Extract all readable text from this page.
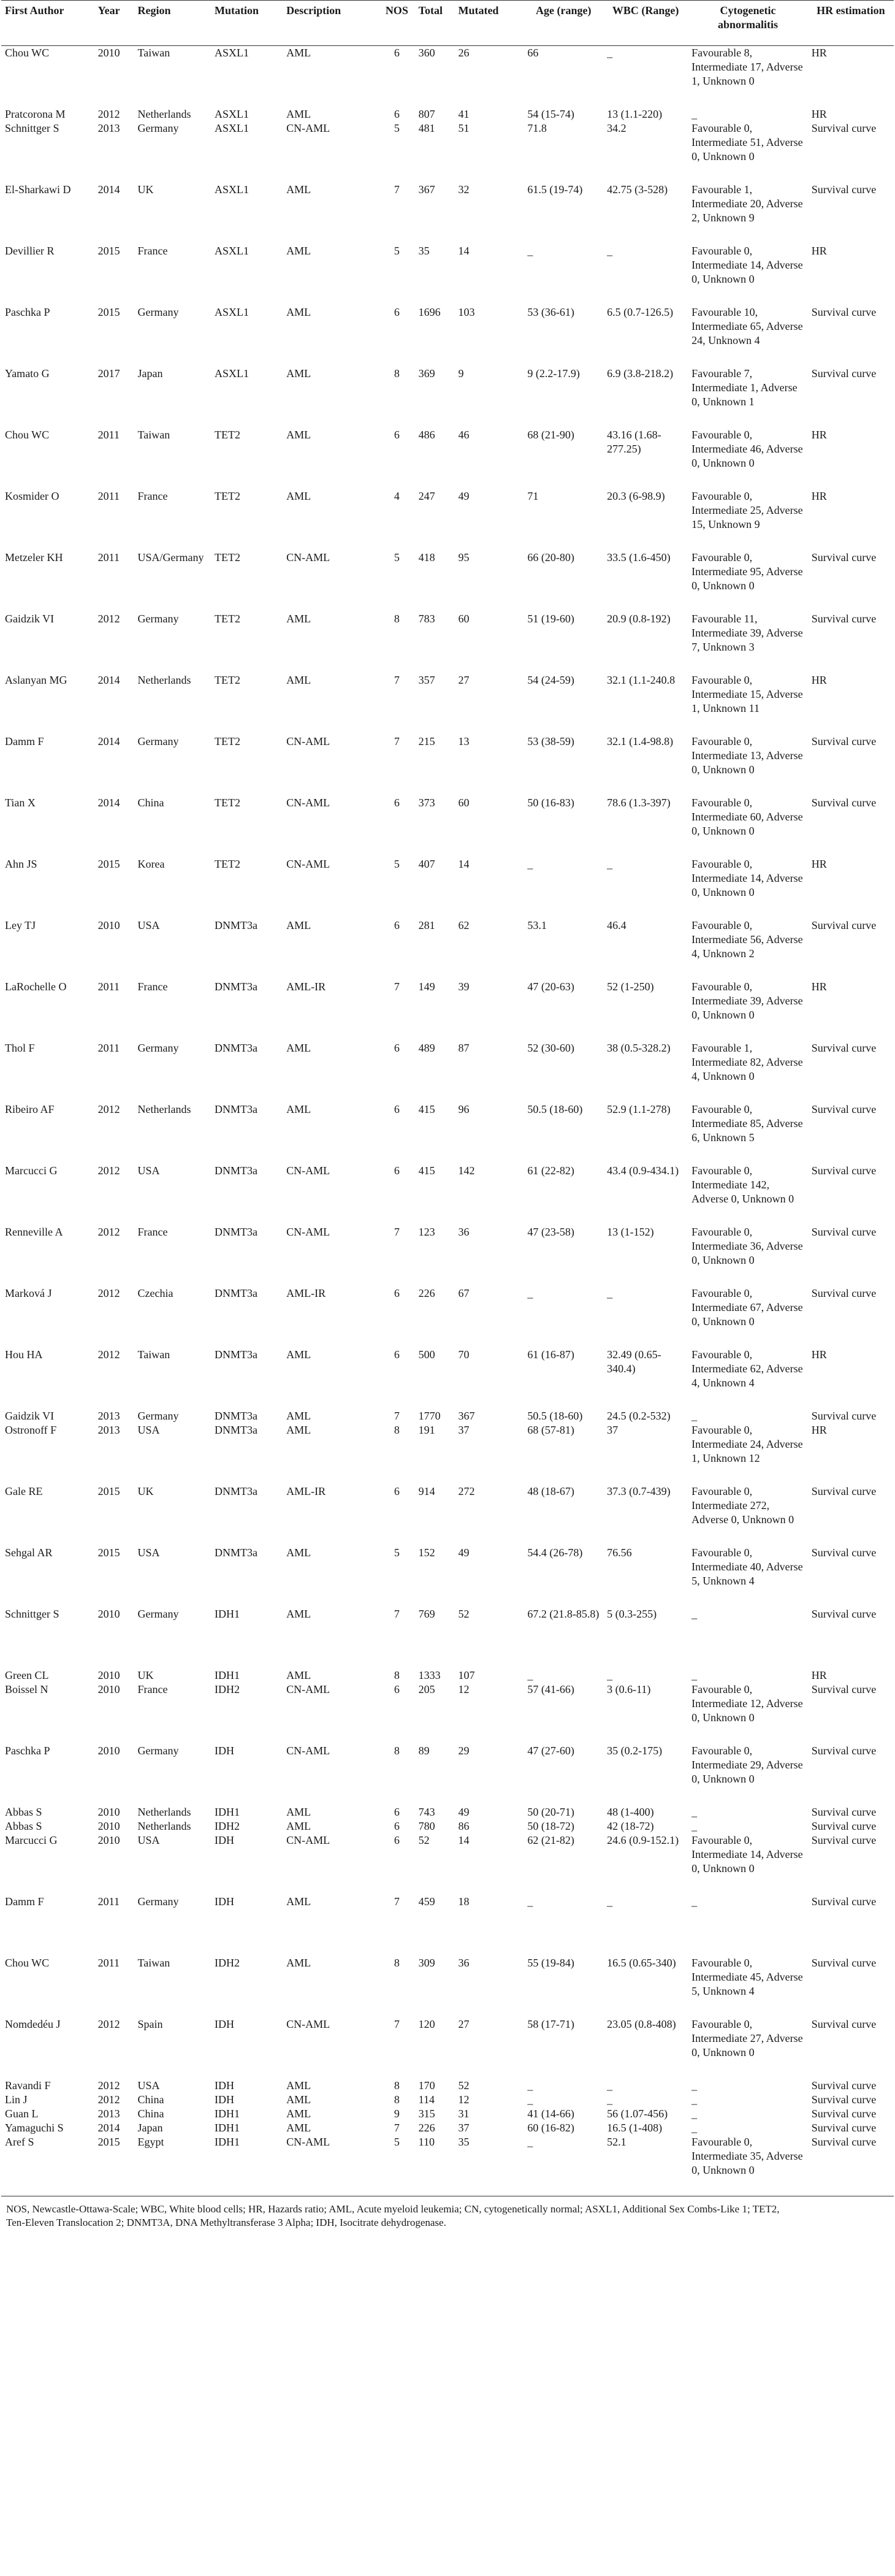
First Author	Year	Region	Mutation	Description	NOS	Total	Mutated	Age (range)	WBC (Range)	Cytogenetic abnormalitis	HR estimation
Chou WC	2010	Taiwan	ASXL1	AML	6	360	26	66	_	Favourable 8, Intermediate 17, Adverse 1, Unknown 0	HR
Pratcorona M	2012	Netherlands	ASXL1	AML	6	807	41	54 (15-74)	13 (1.1-220)	_	HR
Schnittger S	2013	Germany	ASXL1	CN-AML	5	481	51	71.8	34.2	Favourable 0, Intermediate 51, Adverse 0, Unknown 0	Survival curve
El-Sharkawi D	2014	UK	ASXL1	AML	7	367	32	61.5 (19-74)	42.75 (3-528)	Favourable 1, Intermediate 20, Adverse 2, Unknown 9	Survival curve
Devillier R	2015	France	ASXL1	AML	5	35	14	_	_	Favourable 0, Intermediate 14, Adverse 0, Unknown 0	HR
Paschka P	2015	Germany	ASXL1	AML	6	1696	103	53 (36-61)	6.5 (0.7-126.5)	Favourable 10, Intermediate 65, Adverse 24, Unknown 4	Survival curve
Yamato G	2017	Japan	ASXL1	AML	8	369	9	9 (2.2-17.9)	6.9 (3.8-218.2)	Favourable 7, Intermediate 1, Adverse 0, Unknown 1	Survival curve
Chou WC	2011	Taiwan	TET2	AML	6	486	46	68 (21-90)	43.16 (1.68-277.25)	Favourable 0, Intermediate 46, Adverse 0, Unknown 0	HR
Kosmider O	2011	France	TET2	AML	4	247	49	71	20.3 (6-98.9)	Favourable 0, Intermediate 25, Adverse 15, Unknown 9	HR
Metzeler KH	2011	USA/Germany	TET2	CN-AML	5	418	95	66 (20-80)	33.5 (1.6-450)	Favourable 0, Intermediate 95, Adverse 0, Unknown 0	Survival curve
Gaidzik VI	2012	Germany	TET2	AML	8	783	60	51 (19-60)	20.9 (0.8-192)	Favourable 11, Intermediate 39, Adverse 7, Unknown 3	Survival curve
Aslanyan MG	2014	Netherlands	TET2	AML	7	357	27	54 (24-59)	32.1 (1.1-240.8	Favourable 0, Intermediate 15, Adverse 1, Unknown 11	HR
Damm F	2014	Germany	TET2	CN-AML	7	215	13	53 (38-59)	32.1 (1.4-98.8)	Favourable 0, Intermediate 13, Adverse 0, Unknown 0	Survival curve
Tian X	2014	China	TET2	CN-AML	6	373	60	50 (16-83)	78.6 (1.3-397)	Favourable 0, Intermediate 60, Adverse 0, Unknown 0	Survival curve
Ahn JS	2015	Korea	TET2	CN-AML	5	407	14	_	_	Favourable 0, Intermediate 14, Adverse 0, Unknown 0	HR
Ley TJ	2010	USA	DNMT3a	AML	6	281	62	53.1	46.4	Favourable 0, Intermediate 56, Adverse 4, Unknown 2	Survival curve
LaRochelle O	2011	France	DNMT3a	AML-IR	7	149	39	47 (20-63)	52 (1-250)	Favourable 0, Intermediate 39, Adverse 0, Unknown 0	HR
Thol F	2011	Germany	DNMT3a	AML	6	489	87	52 (30-60)	38 (0.5-328.2)	Favourable 1, Intermediate 82, Adverse 4, Unknown 0	Survival curve
Ribeiro AF	2012	Netherlands	DNMT3a	AML	6	415	96	50.5 (18-60)	52.9 (1.1-278)	Favourable 0, Intermediate 85, Adverse 6, Unknown 5	Survival curve
Marcucci G	2012	USA	DNMT3a	CN-AML	6	415	142	61 (22-82)	43.4 (0.9-434.1)	Favourable 0, Intermediate 142, Adverse 0, Unknown 0	Survival curve
Renneville A	2012	France	DNMT3a	CN-AML	7	123	36	47 (23-58)	13 (1-152)	Favourable 0, Intermediate 36, Adverse 0, Unknown 0	Survival curve
Marková J	2012	Czechia	DNMT3a	AML-IR	6	226	67	_	_	Favourable 0, Intermediate 67, Adverse 0, Unknown 0	Survival curve
Hou HA	2012	Taiwan	DNMT3a	AML	6	500	70	61 (16-87)	32.49 (0.65-340.4)	Favourable 0, Intermediate 62, Adverse 4, Unknown 4	HR
Gaidzik VI	2013	Germany	DNMT3a	AML	7	1770	367	50.5 (18-60)	24.5 (0.2-532)	_	Survival curve
Ostronoff F	2013	USA	DNMT3a	AML	8	191	37	68 (57-81)	37	Favourable 0, Intermediate 24, Adverse 1, Unknown 12	HR
Gale RE	2015	UK	DNMT3a	AML-IR	6	914	272	48 (18-67)	37.3 (0.7-439)	Favourable 0, Intermediate 272, Adverse 0, Unknown 0	Survival curve
Sehgal AR	2015	USA	DNMT3a	AML	5	152	49	54.4 (26-78)	76.56	Favourable 0, Intermediate 40, Adverse 5, Unknown 4	Survival curve
Schnittger S	2010	Germany	IDH1	AML	7	769	52	67.2 (21.8-85.8)	5 (0.3-255)	_	Survival curve
Green CL	2010	UK	IDH1	AML	8	1333	107	_	_	_	HR
Boissel N	2010	France	IDH2	CN-AML	6	205	12	57 (41-66)	3 (0.6-11)	Favourable 0, Intermediate 12, Adverse 0, Unknown 0	Survival curve
Paschka P	2010	Germany	IDH	CN-AML	8	89	29	47 (27-60)	35 (0.2-175)	Favourable 0, Intermediate 29, Adverse 0, Unknown 0	Survival curve
Abbas S	2010	Netherlands	IDH1	AML	6	743	49	50 (20-71)	48 (1-400)	_	Survival curve
Abbas S	2010	Netherlands	IDH2	AML	6	780	86	50 (18-72)	42 (18-72)	_	Survival curve
Marcucci G	2010	USA	IDH	CN-AML	6	52	14	62 (21-82)	24.6 (0.9-152.1)	Favourable 0, Intermediate 14, Adverse 0, Unknown 0	Survival curve
Damm F	2011	Germany	IDH	AML	7	459	18	_	_	_	Survival curve
Chou WC	2011	Taiwan	IDH2	AML	8	309	36	55 (19-84)	16.5 (0.65-340)	Favourable 0, Intermediate 45, Adverse 5, Unknown 4	Survival curve
Nomdedéu J	2012	Spain	IDH	CN-AML	7	120	27	58 (17-71)	23.05 (0.8-408)	Favourable 0, Intermediate 27, Adverse 0, Unknown 0	Survival curve
Ravandi F	2012	USA	IDH	AML	8	170	52	_	_	_	Survival curve
Lin J	2012	China	IDH	AML	8	114	12	_	_	_	Survival curve
Guan L	2013	China	IDH1	AML	9	315	31	41 (14-66)	56 (1.07-456)	_	Survival curve
Yamaguchi S	2014	Japan	IDH1	AML	7	226	37	60 (16-82)	16.5 (1-408)	_	Survival curve
Aref S	2015	Egypt	IDH1	CN-AML	5	110	35	_	52.1	Favourable 0, Intermediate 35, Adverse 0, Unknown 0	Survival curve
NOS, Newcastle-Ottawa-Scale; WBC, White blood cells; HR, Hazards ratio; AML, Acute myeloid leukemia; CN, cytogenetically normal; ASXL1, Additional Sex Combs-Like 1; TET2, Ten-Eleven Translocation 2; DNMT3A, DNA Methyltransferase 3 Alpha; IDH, Isocitrate dehydrogenase.
